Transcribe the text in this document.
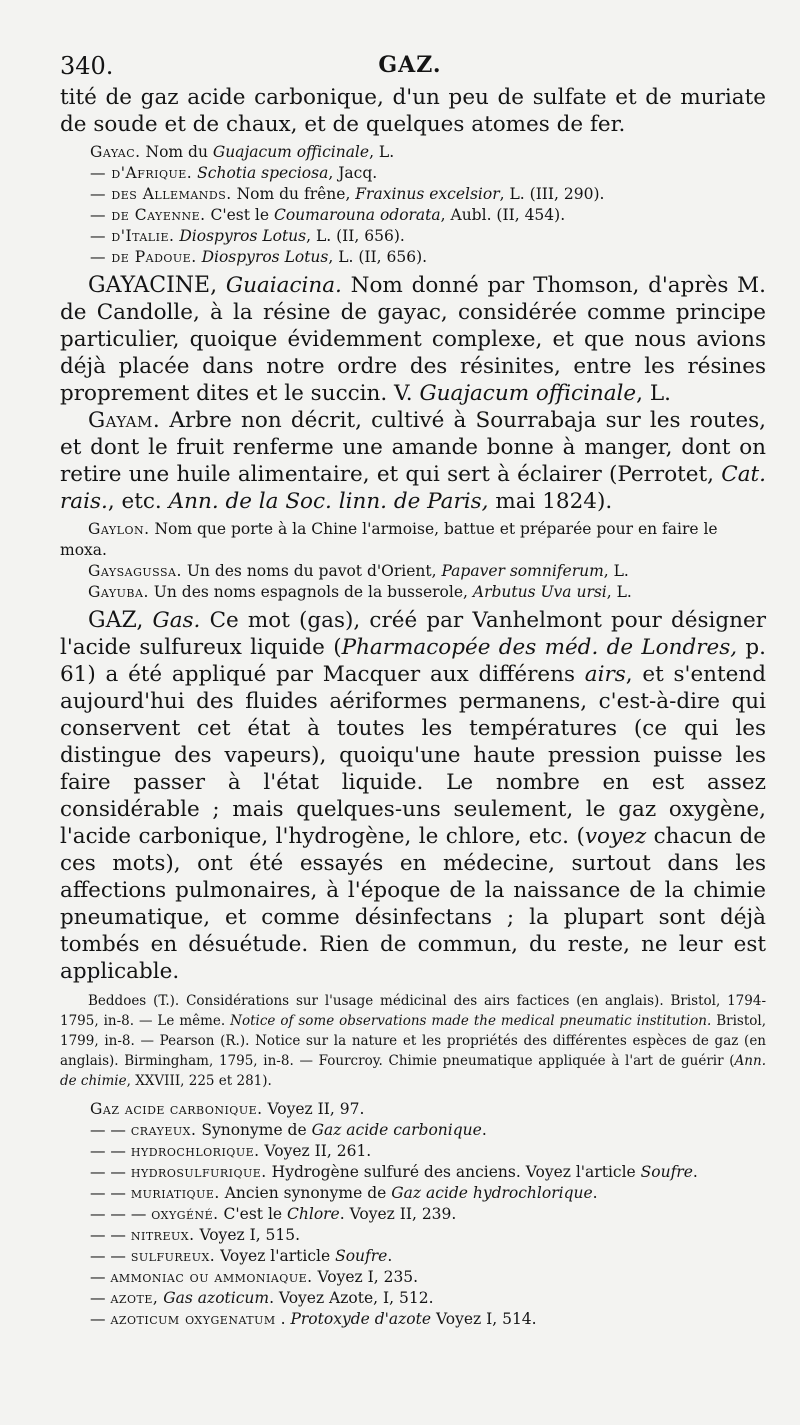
340.	GAZ.

tité de gaz acide carbonique, d'un peu de sulfate et de muriate de soude et de chaux, et de quelques atomes de fer.

Gayac. Nom du Guajacum officinale, L.

— d'Afrique. Schotia speciosa, Jacq.

— des Allemands. Nom du frêne, Fraxinus excelsior, L. (III, 290).

— de Cayenne. C'est le Coumarouna odorata, Aubl. (II, 454).

— d'Italie. Diospyros Lotus, L. (II, 656).

— de Padoue. Diospyros Lotus, L. (II, 656).

GAYACINE, Guaiacina. Nom donné par Thomson, d'après M. de Candolle, à la résine de gayac, considérée comme principe particulier, quoique évidemment complexe, et que nous avions déjà placée dans notre ordre des résinites, entre les résines proprement dites et le succin. V. Guajacum officinale, L.

Gayam. Arbre non décrit, cultivé à Sourrabaja sur les routes, et dont le fruit renferme une amande bonne à manger, dont on retire une huile alimentaire, et qui sert à éclairer (Perrotet, Cat. rais., etc. Ann. de la Soc. linn. de Paris, mai 1824).

Gaylon. Nom que porte à la Chine l'armoise, battue et préparée pour en faire le moxa.

Gaysagussa. Un des noms du pavot d'Orient, Papaver somniferum, L.

Gayuba. Un des noms espagnols de la busserole, Arbutus Uva ursi, L.

GAZ, Gas. Ce mot (gas), créé par Vanhelmont pour désigner l'acide sulfureux liquide (Pharmacopée des méd. de Londres, p. 61) a été appliqué par Macquer aux différens airs, et s'entend aujourd'hui des fluides aériformes permanens, c'est-à-dire qui conservent cet état à toutes les températures (ce qui les distingue des vapeurs), quoiqu'une haute pression puisse les faire passer à l'état liquide. Le nombre en est assez considérable ; mais quelques-uns seulement, le gaz oxygène, l'acide carbonique, l'hydrogène, le chlore, etc. (voyez chacun de ces mots), ont été essayés en médecine, surtout dans les affections pulmonaires, à l'époque de la naissance de la chimie pneumatique, et comme désinfectans ; la plupart sont déjà tombés en désuétude. Rien de commun, du reste, ne leur est applicable.

Beddoes (T.). Considérations sur l'usage médicinal des airs factices (en anglais). Bristol, 1794-1795, in-8. — Le même. Notice of some observations made the medical pneumatic institution. Bristol, 1799, in-8. — Pearson (R.). Notice sur la nature et les propriétés des différentes espèces de gaz (en anglais). Birmingham, 1795, in-8. — Fourcroy. Chimie pneumatique appliquée à l'art de guérir (Ann. de chimie, XXVIII, 225 et 281).

Gaz acide carbonique. Voyez II, 97.

— — crayeux. Synonyme de Gaz acide carbonique.

— — hydrochlorique. Voyez II, 261.

— — hydrosulfurique. Hydrogène sulfuré des anciens. Voyez l'article Soufre.

— — muriatique. Ancien synonyme de Gaz acide hydrochlorique.

— — — oxygéné. C'est le Chlore. Voyez II, 239.

— — nitreux. Voyez I, 515.

— — sulfureux. Voyez l'article Soufre.

— ammoniac ou ammoniaque. Voyez I, 235.

— azote, Gas azoticum. Voyez Azote, I, 512.

— azoticum oxygenatum . Protoxyde d'azote Voyez I, 514.
